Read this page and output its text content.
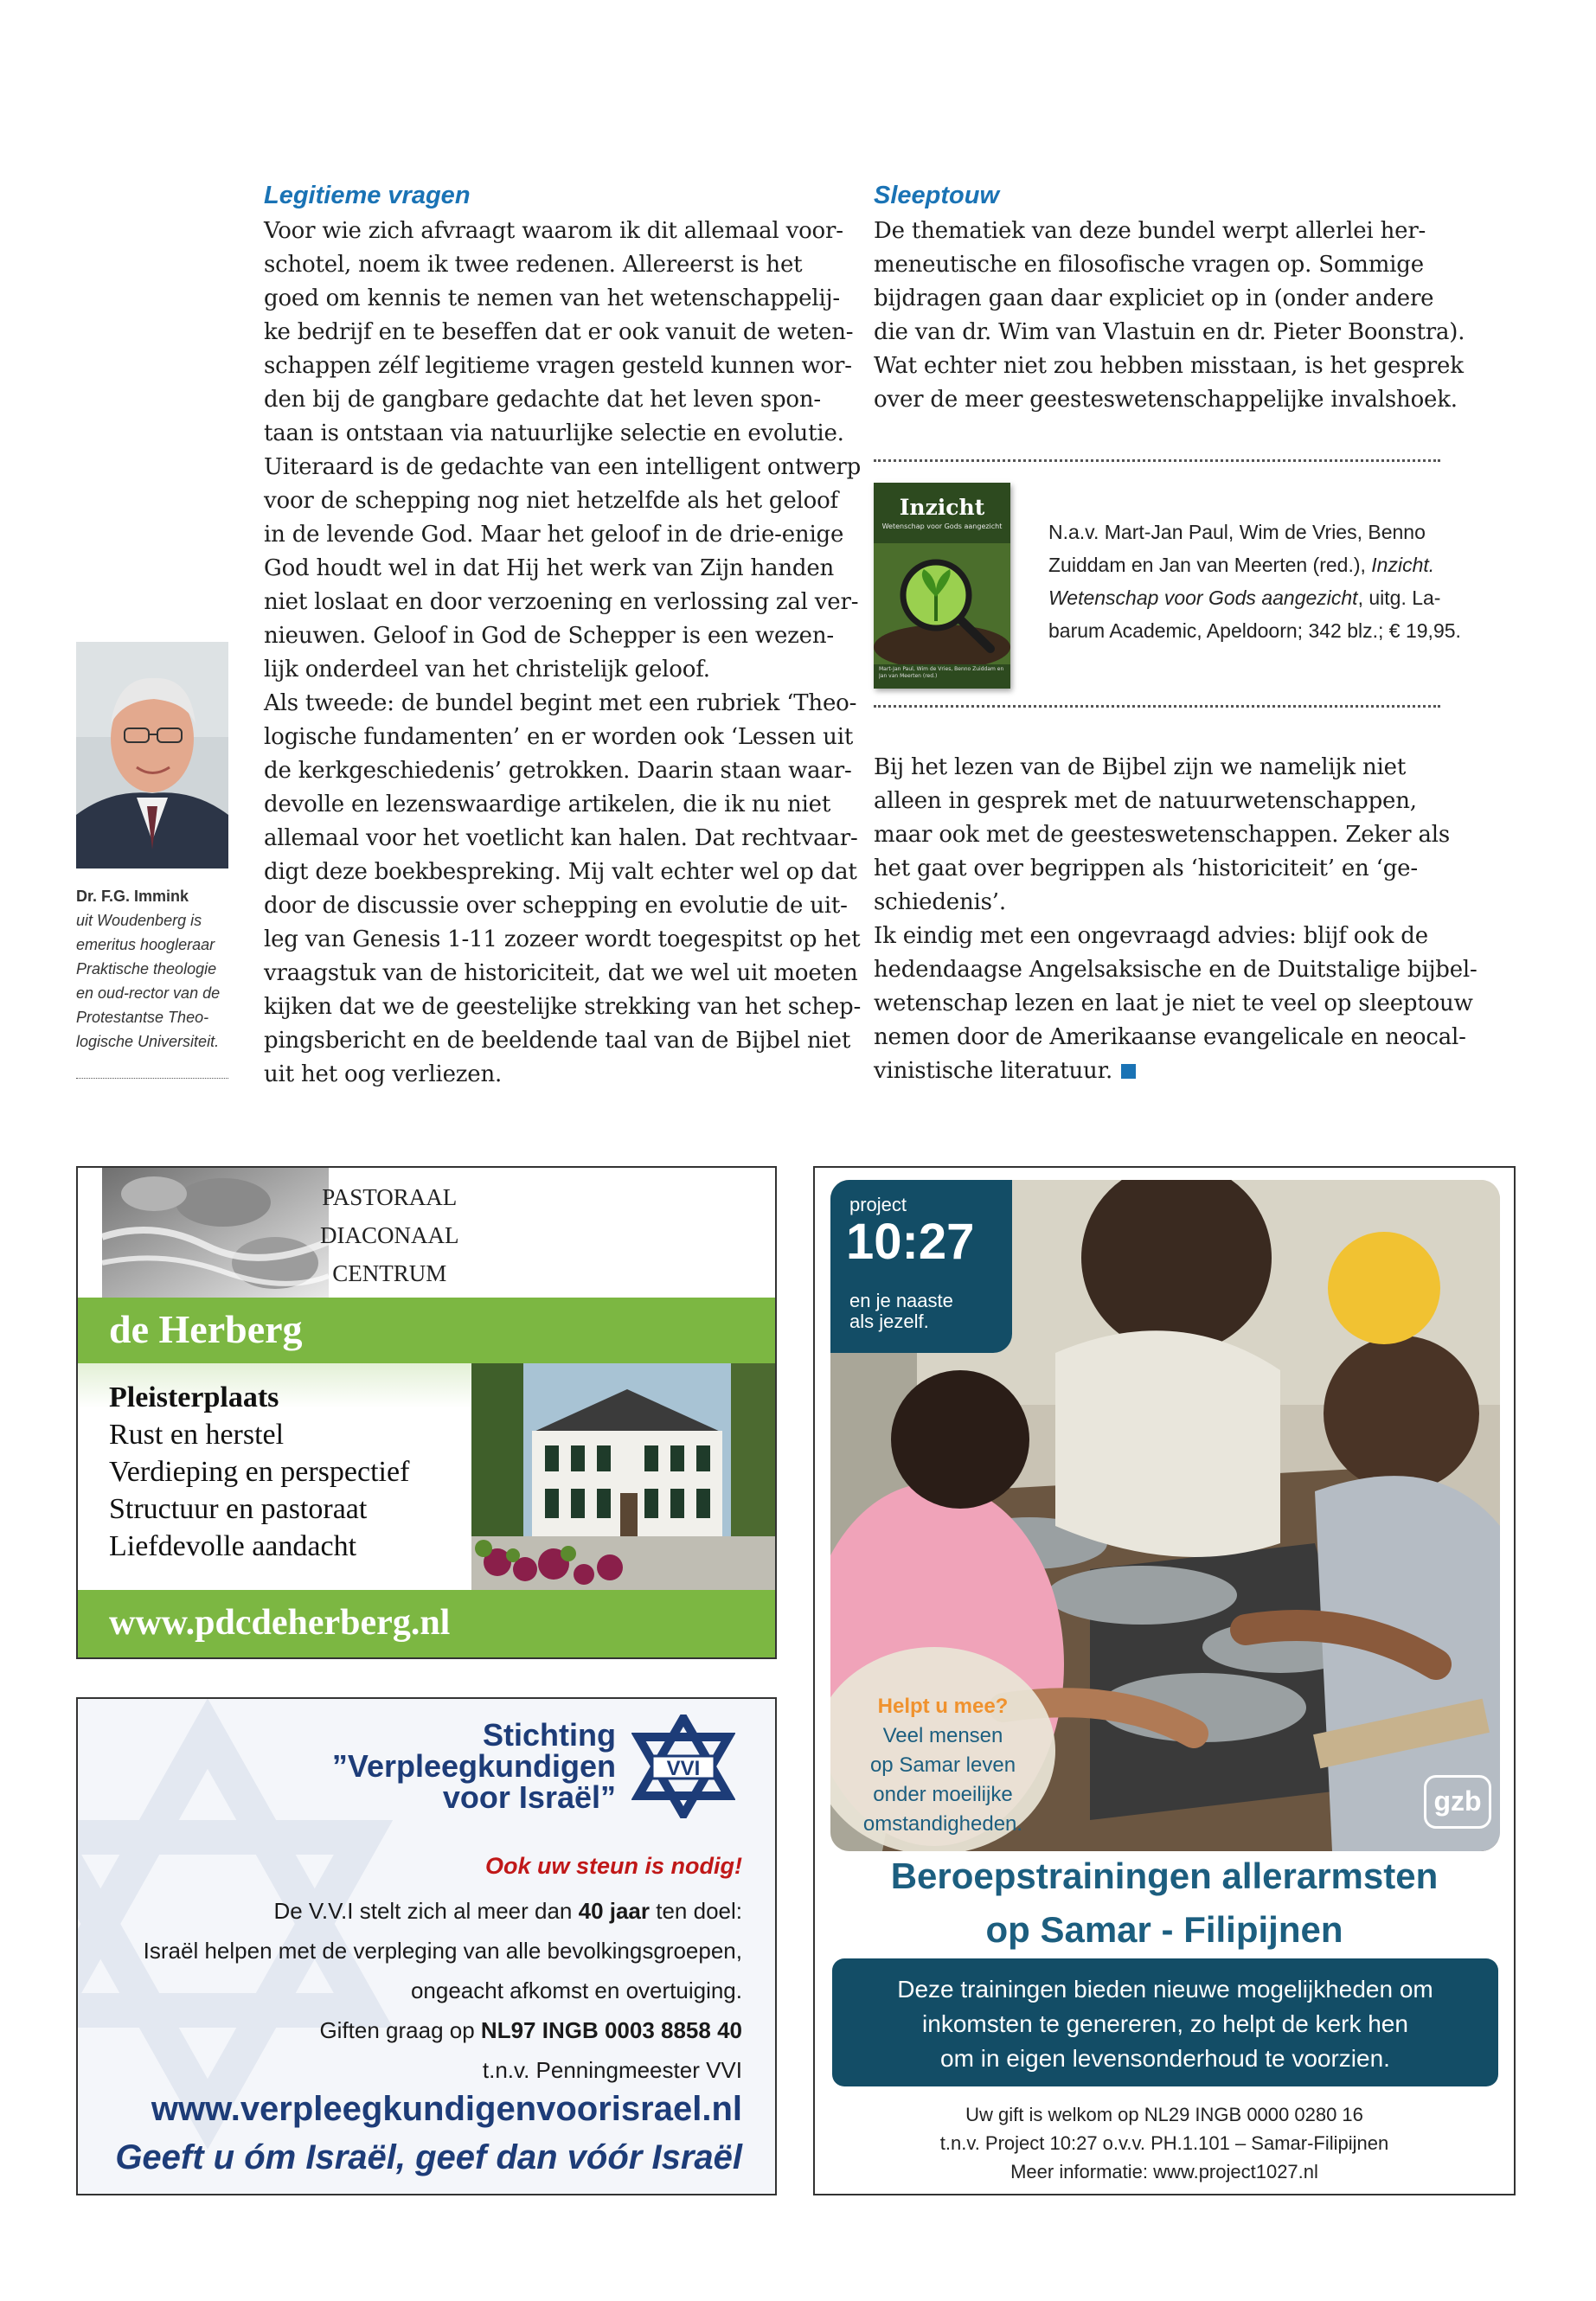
Legitieme vragen

Voor wie zich afvraagt waarom ik dit allemaal voor-

schotel, noem ik twee redenen. Allereerst is het

goed om kennis te nemen van het wetenschappelij-

ke bedrijf en te beseffen dat er ook vanuit de weten-

schappen zélf legitieme vragen gesteld kunnen wor-

den bij de gangbare gedachte dat het leven spon-

taan is ontstaan via natuurlijke selectie en evolutie.

Uiteraard is de gedachte van een intelligent ontwerp

voor de schepping nog niet hetzelfde als het geloof

in de levende God. Maar het geloof in de drie-enige

God houdt wel in dat Hij het werk van Zijn handen

niet loslaat en door verzoening en verlossing zal ver-

nieuwen. Geloof in God de Schepper is een wezen-

lijk onderdeel van het christelijk geloof.

Als tweede: de bundel begint met een rubriek ‘Theo-

logische fundamenten’ en er worden ook ‘Lessen uit

de kerkgeschiedenis’ getrokken. Daarin staan waar-

devolle en lezenswaardige artikelen, die ik nu niet

allemaal voor het voetlicht kan halen. Dat rechtvaar-

digt deze boekbespreking. Mij valt echter wel op dat

door de discussie over schepping en evolutie de uit-

leg van Genesis 1-11 zozeer wordt toegespitst op het

vraagstuk van de historiciteit, dat we wel uit moeten

kijken dat we de geestelijke strekking van het schep-

pingsbericht en de beeldende taal van de Bijbel niet

uit het oog verliezen.

Dr. F.G. Immink
uit Woudenberg is
emeritus hoogleraar
Praktische theologie
en oud-rector van de
Protestantse Theo-
logische Universiteit.
Sleeptouw

De thematiek van deze bundel werpt allerlei her-

meneutische en filosofische vragen op. Sommige

bijdragen gaan daar expliciet op in (onder andere

die van dr. Wim van Vlastuin en dr. Pieter Boonstra).

Wat echter niet zou hebben misstaan, is het gesprek

over de meer geesteswetenschappelijke invalshoek.

Inzicht
Wetenschap voor Gods aangezicht
Mart-Jan Paul, Wim de Vries, Benno Zuiddam en Jan van Meerten (red.)
N.a.v. Mart-Jan Paul, Wim de Vries, Benno
Zuiddam en Jan van Meerten (red.), Inzicht.
Wetenschap voor Gods aangezicht, uitg. La-
barum Academic, Apeldoorn; 342 blz.; € 19,95.

Bij het lezen van de Bijbel zijn we namelijk niet

alleen in gesprek met de natuurwetenschappen,

maar ook met de geesteswetenschappen. Zeker als

het gaat over begrippen als ‘historiciteit’ en ‘ge-

schiedenis’.

Ik eindig met een ongevraagd advies: blijf ook de

hedendaagse Angelsaksische en de Duitstalige bijbel-

wetenschap lezen en laat je niet te veel op sleeptouw

nemen door de Amerikaanse evangelicale en neocal-

vinistische literatuur.

PASTORAAL
DIACONAAL
CENTRUM
de Herberg
Pleisterplaats
Rust en herstel
Verdieping en perspectief
Structuur en pastoraat
Liefdevolle aandacht
www.pdcdeherberg.nl
Stichting
”Verpleegkundigen
voor Israël”
VVI
Ook uw steun is nodig!
De V.V.I stelt zich al meer dan 40 jaar ten doel:
Israël helpen met de verpleging van alle bevolkingsgroepen,
ongeacht afkomst en overtuiging.
Giften graag op NL97 INGB 0003 8858 40
t.n.v. Penningmeester VVI
www.verpleegkundigenvoorisrael.nl
Geeft u óm Israël, geef dan vóór Israël
project
10:27
en je naaste
als jezelf.
Helpt u mee?
Veel mensen
op Samar leven
onder moeilijke
omstandigheden.
gzb
Beroepstrainingen allerarmsten
op Samar - Filipijnen
Deze trainingen bieden nieuwe mogelijkheden om
inkomsten te genereren, zo helpt de kerk hen
om in eigen levensonderhoud te voorzien.
Uw gift is welkom op NL29 INGB 0000 0280 16
t.n.v. Project 10:27 o.v.v. PH.1.101 – Samar-Filipijnen
Meer informatie: www.project1027.nl
